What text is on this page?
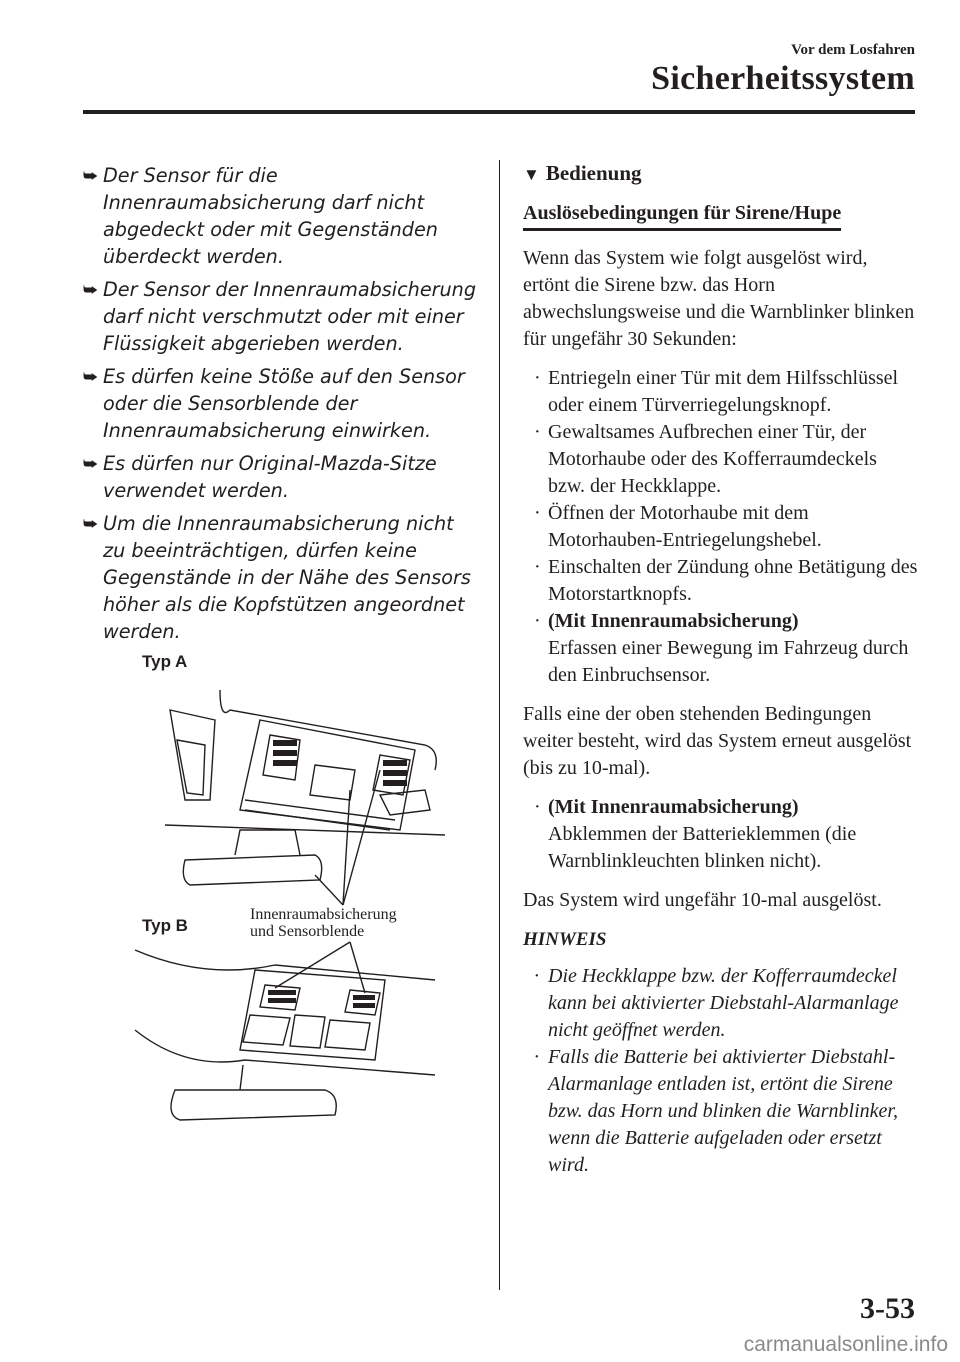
Vor dem Losfahren
Sicherheitssystem
⮩ Der Sensor für die Innenraumabsicherung darf nicht abgedeckt oder mit Gegenständen überdeckt werden.
⮩ Der Sensor der Innenraumabsicherung darf nicht verschmutzt oder mit einer Flüssigkeit abgerieben werden.
⮩ Es dürfen keine Stöße auf den Sensor oder die Sensorblende der Innenraumabsicherung einwirken.
⮩ Es dürfen nur Original-Mazda-Sitze verwendet werden.
⮩ Um die Innenraumabsicherung nicht zu beeinträchtigen, dürfen keine Gegenstände in der Nähe des Sensors höher als die Kopfstützen angeordnet werden.
Typ A
Typ B
Innenraumabsicherung
und Sensorblende
▼ Bedienung
Auslösebedingungen für Sirene/Hupe

Wenn das System wie folgt ausgelöst wird, ertönt die Sirene bzw. das Horn abwechslungsweise und die Warnblinker blinken für ungefähr 30 Sekunden:

· Entriegeln einer Tür mit dem Hilfsschlüssel oder einem Türverriegelungsknopf.
· Gewaltsames Aufbrechen einer Tür, der Motorhaube oder des Kofferraumdeckels bzw. der Heckklappe.
· Öffnen der Motorhaube mit dem Motorhauben-Entriegelungshebel.
· Einschalten der Zündung ohne Betätigung des Motorstartknopfs.
· (Mit Innenraumabsicherung)
Erfassen einer Bewegung im Fahrzeug durch den Einbruchsensor.

Falls eine der oben stehenden Bedingungen weiter besteht, wird das System erneut ausgelöst (bis zu 10-mal).

· (Mit Innenraumabsicherung)
Abklemmen der Batterieklemmen (die Warnblinkleuchten blinken nicht).

Das System wird ungefähr 10-mal ausgelöst.

HINWEIS

· Die Heckklappe bzw. der Kofferraumdeckel kann bei aktivierter Diebstahl-Alarmanlage nicht geöffnet werden.
· Falls die Batterie bei aktivierter Diebstahl-Alarmanlage entladen ist, ertönt die Sirene bzw. das Horn und blinken die Warnblinker, wenn die Batterie aufgeladen oder ersetzt wird.
3-53
carmanualsonline.info
